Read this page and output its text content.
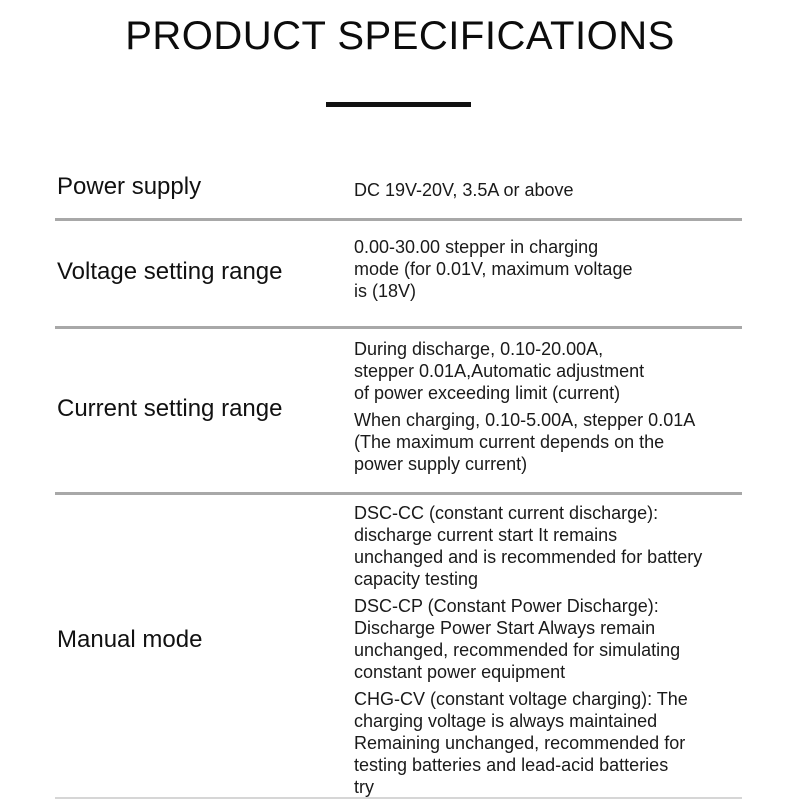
PRODUCT SPECIFICATIONS
Power supply	DC 19V-20V, 3.5A or above

Voltage setting range

0.00-30.00 stepper in charging

mode (for 0.01V, maximum voltage

is (18V)

Current setting range

During discharge, 0.10-20.00A,

stepper 0.01A,Automatic adjustment

of power exceeding limit (current)

When charging, 0.10-5.00A, stepper 0.01A

(The maximum current depends on the

power supply current)

Manual mode

DSC-CC (constant current discharge):

discharge current start It remains

unchanged and is recommended for battery

capacity testing

DSC-CP (Constant Power Discharge):

Discharge Power Start Always remain

unchanged, recommended for simulating

constant power equipment

CHG-CV (constant voltage charging): The

charging voltage is always maintained

Remaining unchanged, recommended for

testing batteries and lead-acid batteries

try
